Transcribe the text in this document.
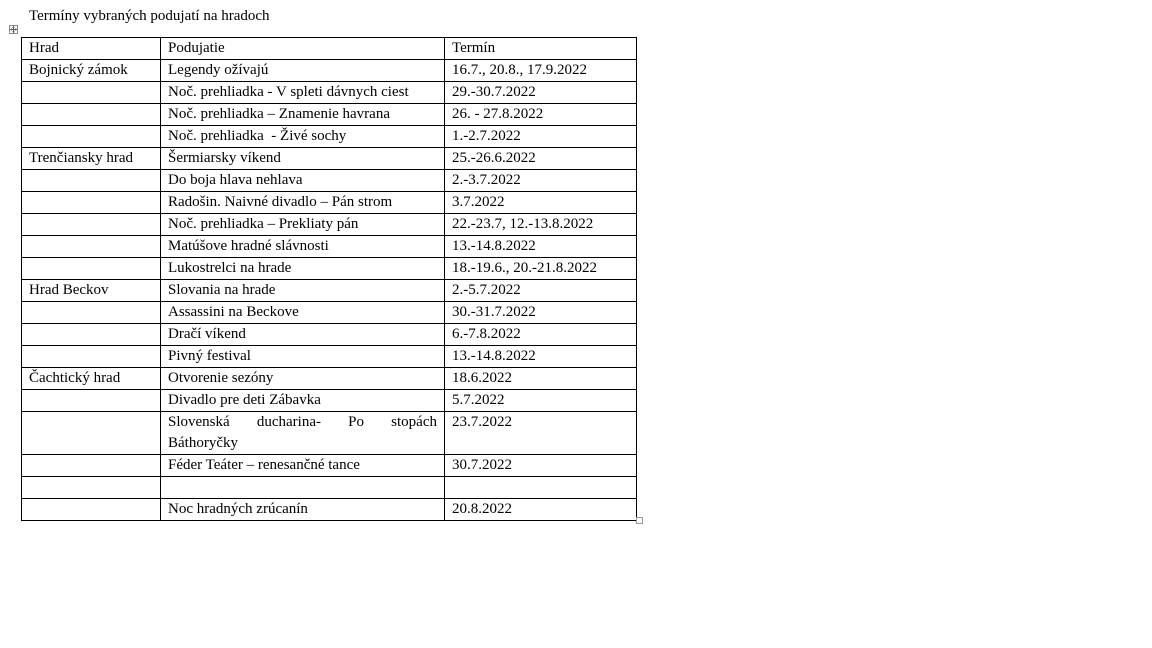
Termíny vybraných podujatí na hradoch
Hrad	Podujatie	Termín
Bojnický zámok	Legendy ožívajú	16.7., 20.8., 17.9.2022
	Noč. prehliadka - V spleti dávnych ciest	29.-30.7.2022
	Noč. prehliadka – Znamenie havrana	26. - 27.8.2022
	Noč. prehliadka  - Živé sochy	1.-2.7.2022
Trenčiansky hrad	Šermiarsky víkend	25.-26.6.2022
	Do boja hlava nehlava	2.-3.7.2022
	Radošin. Naivné divadlo – Pán strom	3.7.2022
	Noč. prehliadka – Prekliaty pán	22.-23.7, 12.-13.8.2022
	Matúšove hradné slávnosti	13.-14.8.2022
	Lukostrelci na hrade	18.-19.6., 20.-21.8.2022
Hrad Beckov	Slovania na hrade	2.-5.7.2022
	Assassini na Beckove	30.-31.7.2022
	Dračí víkend	6.-7.8.2022
	Pivný festival	13.-14.8.2022
Čachtický hrad	Otvorenie sezóny	18.6.2022
	Divadlo pre deti Zábavka	5.7.2022
	Slovenská ducharina- Po stopách Báthoryčky	23.7.2022
	Féder Teáter – renesančné tance	30.7.2022

	Noc hradných zrúcanín	20.8.2022
